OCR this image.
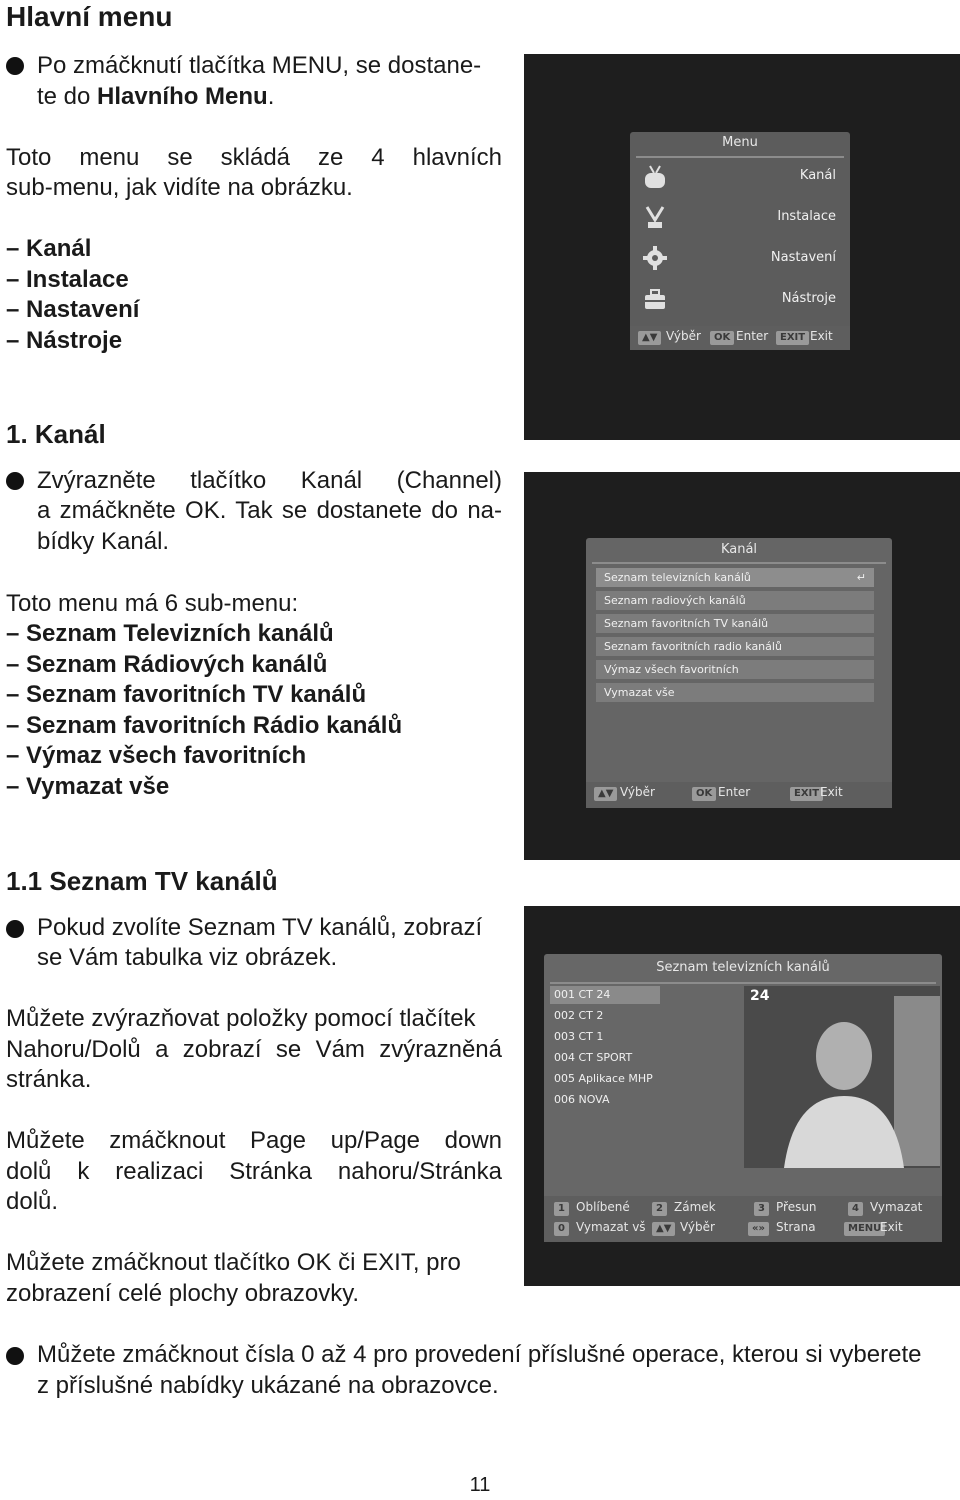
Hlavní menu
Po zmáčknutí tlačítka MENU, se dostane-
te do Hlavního Menu.
Toto menu se skládá ze 4 hlavních
sub-menu, jak vidíte na obrázku.
– Kanál
– Instalace
– Nastavení
– Nástroje
1. Kanál
Zvýrazněte tlačítko Kanál (Channel)
a zmáčkněte OK. Tak se dostanete do na-
bídky Kanál.
Toto menu má 6 sub-menu:
– Seznam Televizních kanálů
– Seznam Rádiových kanálů
– Seznam favoritních TV kanálů
– Seznam favoritních Rádio kanálů
– Výmaz všech favoritních
– Vymazat vše
1.1 Seznam TV kanálů
Pokud zvolíte Seznam TV kanálů, zobrazí
se Vám tabulka viz obrázek.
Můžete zvýrazňovat položky pomocí tlačítek
Nahoru/Dolů a zobrazí se Vám zvýrazněná
stránka.
Můžete zmáčknout Page up/Page down
dolů k realizaci Stránka nahoru/Stránka
dolů.
Můžete zmáčknout tlačítko OK či EXIT, pro
zobrazení celé plochy obrazovky.
Můžete zmáčknout čísla 0 až 4 pro provedení příslušné operace, kterou si vyberete
z příslušné nabídky ukázané na obrazovce.
11
Menu
Kanál
Instalace
Nastavení
Nástroje
▲▼ Výběr	OK Enter	EXIT Exit
Kanál
Seznam televizních kanálů	↵
Seznam radiových kanálů
Seznam favoritních TV kanálů
Seznam favoritních radio kanálů
Výmaz všech favoritních
Vymazat vše
▲▼ Výběr	OK Enter	EXIT Exit
Seznam televizních kanálů
001 CT 24
002 CT 2
003 CT 1
004 CT SPORT
005 Aplikace MHP
006 NOVA
24
1 Oblíbené	2 Zámek	3 Přesun	4 Vymazat
0 Vymazat vš	▲▼ Výběr	«» Strana	MENU
Exit
